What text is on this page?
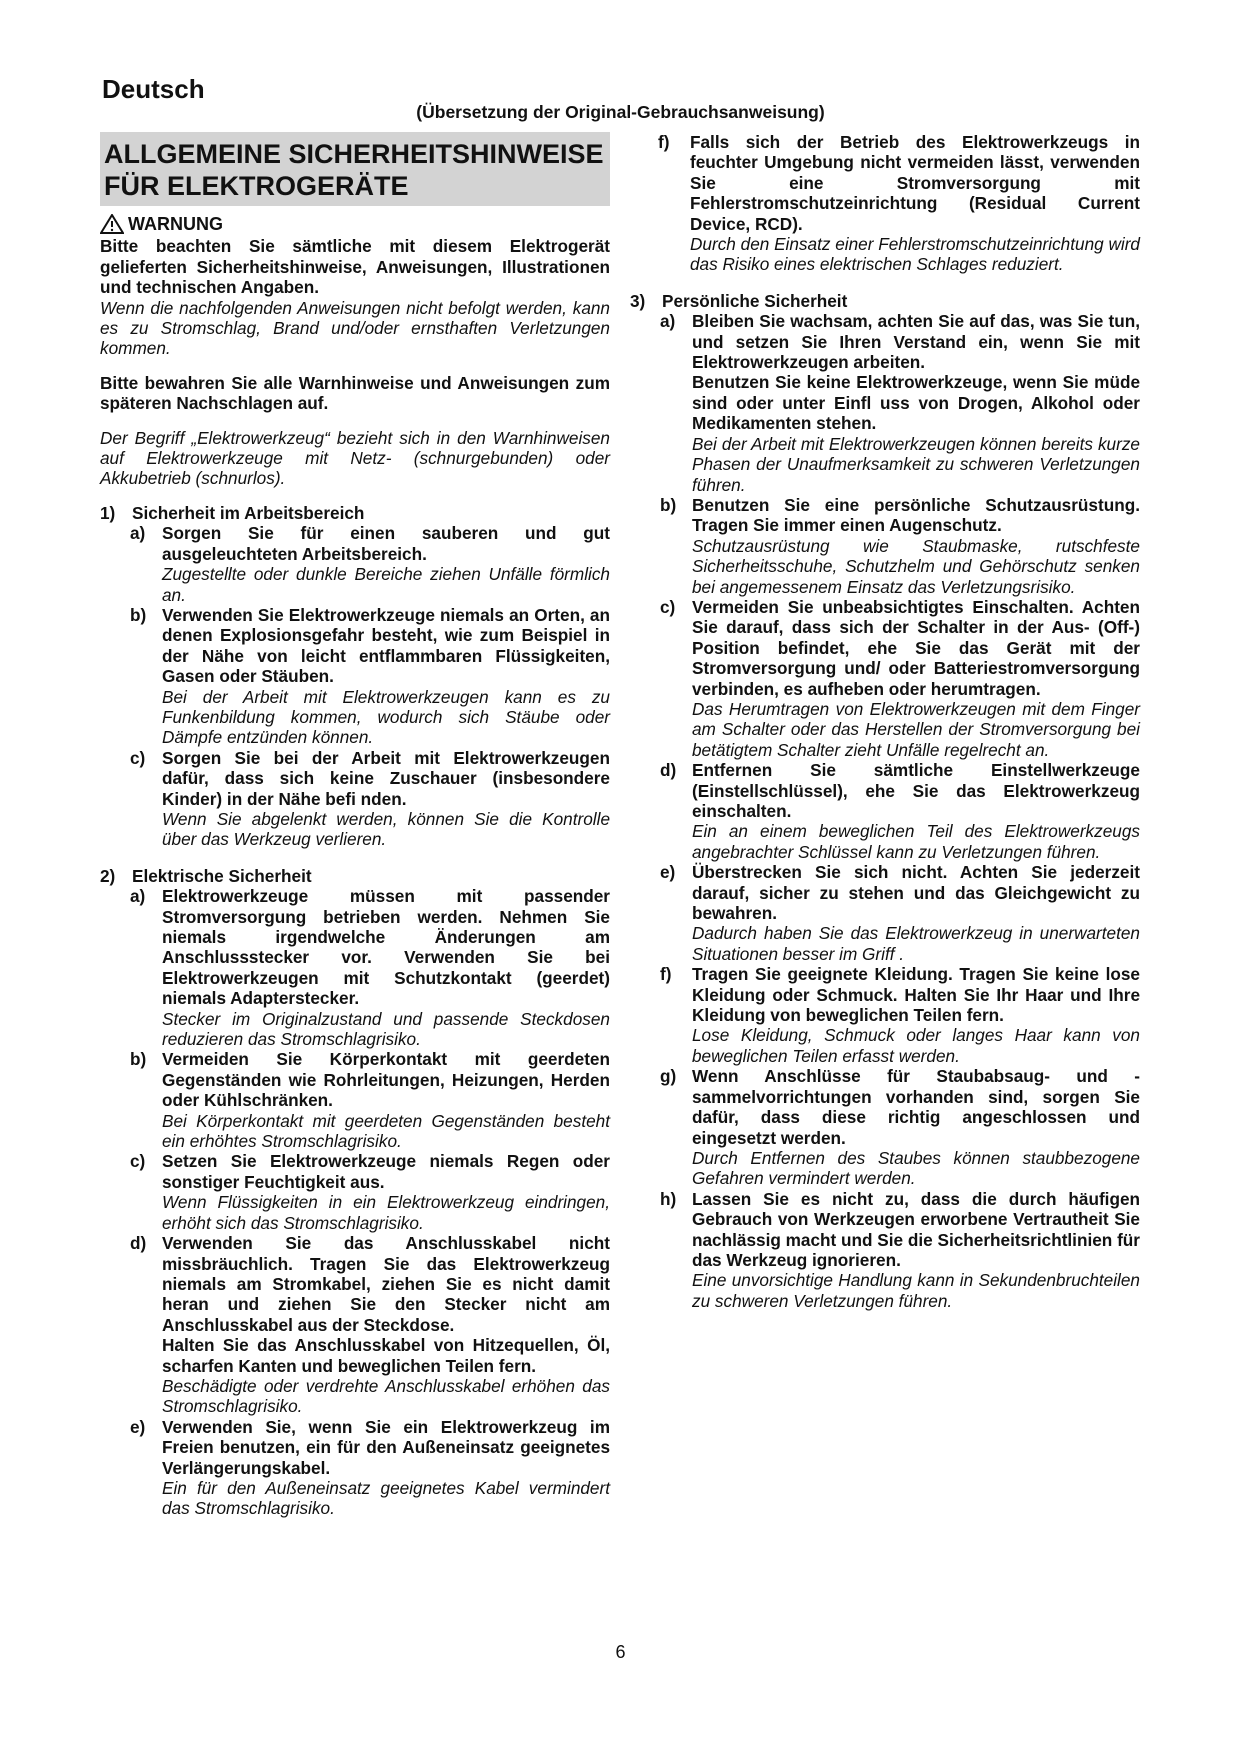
Deutsch
(Übersetzung der Original-Gebrauchsanweisung)
ALLGEMEINE SICHERHEITSHINWEISE FÜR ELEKTROGERÄTE
WARNUNG
Bitte beachten Sie sämtliche mit diesem Elektrogerät gelieferten Sicherheitshinweise, Anweisungen, Illustrationen und technischen Angaben.
Wenn die nachfolgenden Anweisungen nicht befolgt werden, kann es zu Stromschlag, Brand und/oder ernsthaften Verletzungen kommen.
Bitte bewahren Sie alle Warnhinweise und Anweisungen zum späteren Nachschlagen auf.
Der Begriff „Elektrowerkzeug“ bezieht sich in den Warnhinweisen auf Elektrowerkzeuge mit Netz- (schnurgebunden) oder Akkubetrieb (schnurlos).
1) Sicherheit im Arbeitsbereich
a) Sorgen Sie für einen sauberen und gut ausgeleuchteten Arbeitsbereich.
Zugestellte oder dunkle Bereiche ziehen Unfälle förmlich an.
b) Verwenden Sie Elektrowerkzeuge niemals an Orten, an denen Explosionsgefahr besteht, wie zum Beispiel in der Nähe von leicht entflammbaren Flüssigkeiten, Gasen oder Stäuben.
Bei der Arbeit mit Elektrowerkzeugen kann es zu Funkenbildung kommen, wodurch sich Stäube oder Dämpfe entzünden können.
c) Sorgen Sie bei der Arbeit mit Elektrowerkzeugen dafür, dass sich keine Zuschauer (insbesondere Kinder) in der Nähe befi nden.
Wenn Sie abgelenkt werden, können Sie die Kontrolle über das Werkzeug verlieren.
2) Elektrische Sicherheit
a) Elektrowerkzeuge müssen mit passender Stromversorgung betrieben werden. Nehmen Sie niemals irgendwelche Änderungen am Anschlussstecker vor. Verwenden Sie bei Elektrowerkzeugen mit Schutzkontakt (geerdet) niemals Adapterstecker.
Stecker im Originalzustand und passende Steckdosen reduzieren das Stromschlagrisiko.
b) Vermeiden Sie Körperkontakt mit geerdeten Gegenständen wie Rohrleitungen, Heizungen, Herden oder Kühlschränken.
Bei Körperkontakt mit geerdeten Gegenständen besteht ein erhöhtes Stromschlagrisiko.
c) Setzen Sie Elektrowerkzeuge niemals Regen oder sonstiger Feuchtigkeit aus.
Wenn Flüssigkeiten in ein Elektrowerkzeug eindringen, erhöht sich das Stromschlagrisiko.
d) Verwenden Sie das Anschlusskabel nicht missbräuchlich. Tragen Sie das Elektrowerkzeug niemals am Stromkabel, ziehen Sie es nicht damit heran und ziehen Sie den Stecker nicht am Anschlusskabel aus der Steckdose.
Halten Sie das Anschlusskabel von Hitzequellen, Öl, scharfen Kanten und beweglichen Teilen fern.
Beschädigte oder verdrehte Anschlusskabel erhöhen das Stromschlagrisiko.
e) Verwenden Sie, wenn Sie ein Elektrowerkzeug im Freien benutzen, ein für den Außeneinsatz geeignetes Verlängerungskabel.
Ein für den Außeneinsatz geeignetes Kabel vermindert das Stromschlagrisiko.
f)	Falls sich der Betrieb des Elektrowerkzeugs in feuchter Umgebung nicht vermeiden lässt, verwenden Sie eine Stromversorgung mit Fehlerstromschutzeinrichtung (Residual Current Device, RCD).
Durch den Einsatz einer Fehlerstromschutzeinrichtung wird das Risiko eines elektrischen Schlages reduziert.
3) Persönliche Sicherheit
a) Bleiben Sie wachsam, achten Sie auf das, was Sie tun, und setzen Sie Ihren Verstand ein, wenn Sie mit Elektrowerkzeugen arbeiten.
Benutzen Sie keine Elektrowerkzeuge, wenn Sie müde sind oder unter Einfl uss von Drogen, Alkohol oder Medikamenten stehen.
Bei der Arbeit mit Elektrowerkzeugen können bereits kurze Phasen der Unaufmerksamkeit zu schweren Verletzungen führen.
b) Benutzen Sie eine persönliche Schutzausrüstung. Tragen Sie immer einen Augenschutz.
Schutzausrüstung wie Staubmaske, rutschfeste Sicherheitsschuhe, Schutzhelm und Gehörschutz senken bei angemessenem Einsatz das Verletzungsrisiko.
c) Vermeiden Sie unbeabsichtigtes Einschalten. Achten Sie darauf, dass sich der Schalter in der Aus- (Off-) Position befindet, ehe Sie das Gerät mit der Stromversorgung und/ oder Batteriestromversorgung verbinden, es aufheben oder herumtragen.
Das Herumtragen von Elektrowerkzeugen mit dem Finger am Schalter oder das Herstellen der Stromversorgung bei betätigtem Schalter zieht Unfälle regelrecht an.
d) Entfernen Sie sämtliche Einstellwerkzeuge (Einstellschlüssel), ehe Sie das Elektrowerkzeug einschalten.
Ein an einem beweglichen Teil des Elektrowerkzeugs angebrachter Schlüssel kann zu Verletzungen führen.
e) Überstrecken Sie sich nicht. Achten Sie jederzeit darauf, sicher zu stehen und das Gleichgewicht zu bewahren.
Dadurch haben Sie das Elektrowerkzeug in unerwarteten Situationen besser im Griff .
f)	Tragen Sie geeignete Kleidung. Tragen Sie keine lose Kleidung oder Schmuck. Halten Sie Ihr Haar und Ihre Kleidung von beweglichen Teilen fern.
Lose Kleidung, Schmuck oder langes Haar kann von beweglichen Teilen erfasst werden.
g) Wenn Anschlüsse für Staubabsaug- und - sammelvorrichtungen vorhanden sind, sorgen Sie dafür, dass diese richtig angeschlossen und eingesetzt werden.
Durch Entfernen des Staubes können staubbezogene Gefahren vermindert werden.
h) Lassen Sie es nicht zu, dass die durch häufigen Gebrauch von Werkzeugen erworbene Vertrautheit Sie nachlässig macht und Sie die Sicherheitsrichtlinien für das Werkzeug ignorieren.
Eine unvorsichtige Handlung kann in Sekundenbruchteilen zu schweren Verletzungen führen.
6
